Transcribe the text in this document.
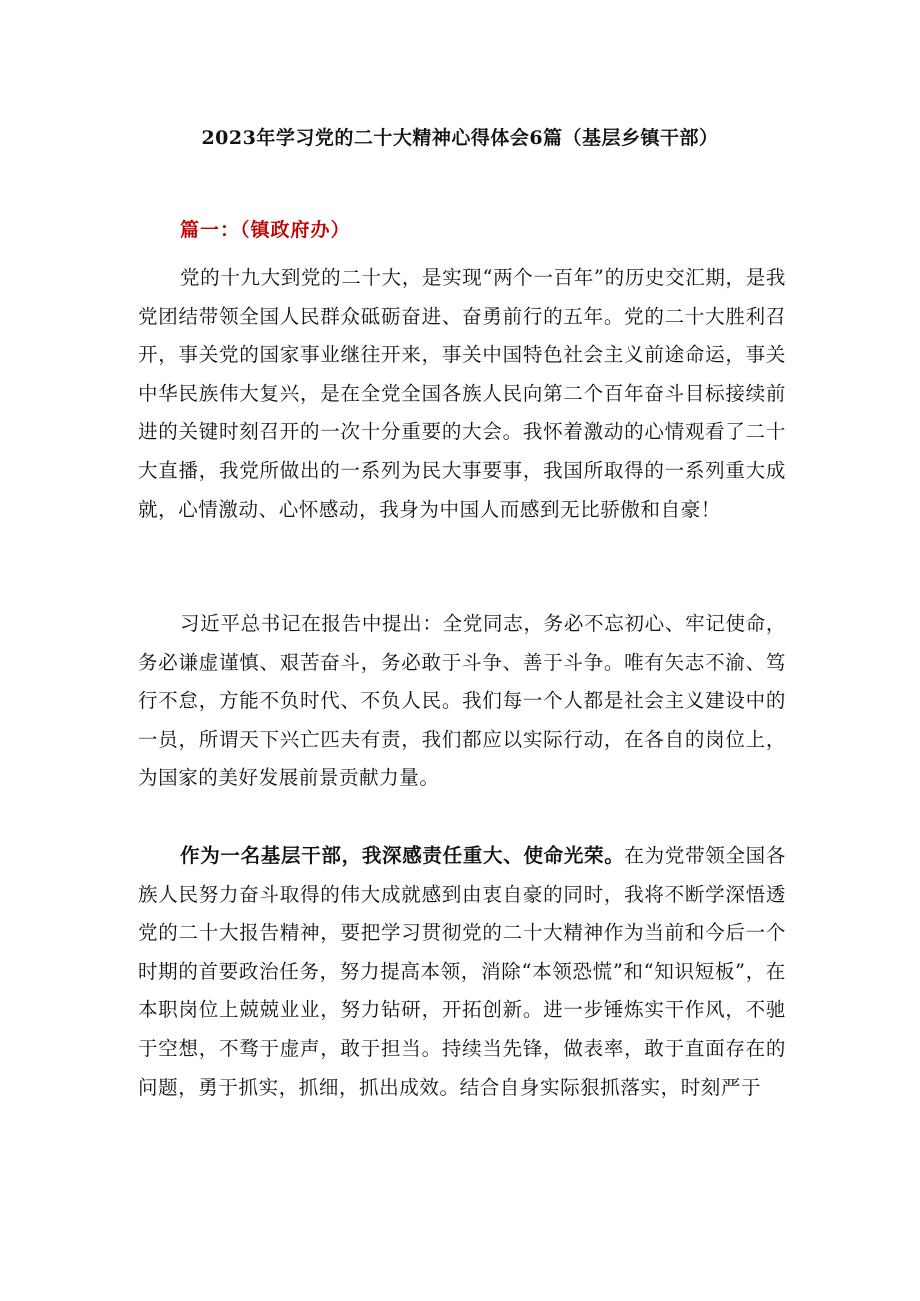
2023年学习党的二十大精神心得体会6篇（基层乡镇干部）
篇一：（镇政府办）

党的十九大到党的二十大，是实现“两个一百年”的历史交汇期，是我党团结带领全国人民群众砥砺奋进、奋勇前行的五年。党的二十大胜利召开，事关党的国家事业继往开来，事关中国特色社会主义前途命运，事关中华民族伟大复兴，是在全党全国各族人民向第二个百年奋斗目标接续前进的关键时刻召开的一次十分重要的大会。我怀着激动的心情观看了二十大直播，我党所做出的一系列为民大事要事，我国所取得的一系列重大成就，心情激动、心怀感动，我身为中国人而感到无比骄傲和自豪！

习近平总书记在报告中提出：全党同志，务必不忘初心、牢记使命，务必谦虚谨慎、艰苦奋斗，务必敢于斗争、善于斗争。唯有矢志不渝、笃行不怠，方能不负时代、不负人民。我们每一个人都是社会主义建设中的一员，所谓天下兴亡匹夫有责，我们都应以实际行动，在各自的岗位上，为国家的美好发展前景贡献力量。

作为一名基层干部，我深感责任重大、使命光荣。在为党带领全国各族人民努力奋斗取得的伟大成就感到由衷自豪的同时，我将不断学深悟透党的二十大报告精神，要把学习贯彻党的二十大精神作为当前和今后一个时期的首要政治任务，努力提高本领，消除“本领恐慌”和“知识短板”，在本职岗位上兢兢业业，努力钻研，开拓创新。进一步锤炼实干作风，不驰于空想，不骛于虚声，敢于担当。持续当先锋，做表率，敢于直面存在的问题，勇于抓实，抓细，抓出成效。结合自身实际狠抓落实，时刻严于
